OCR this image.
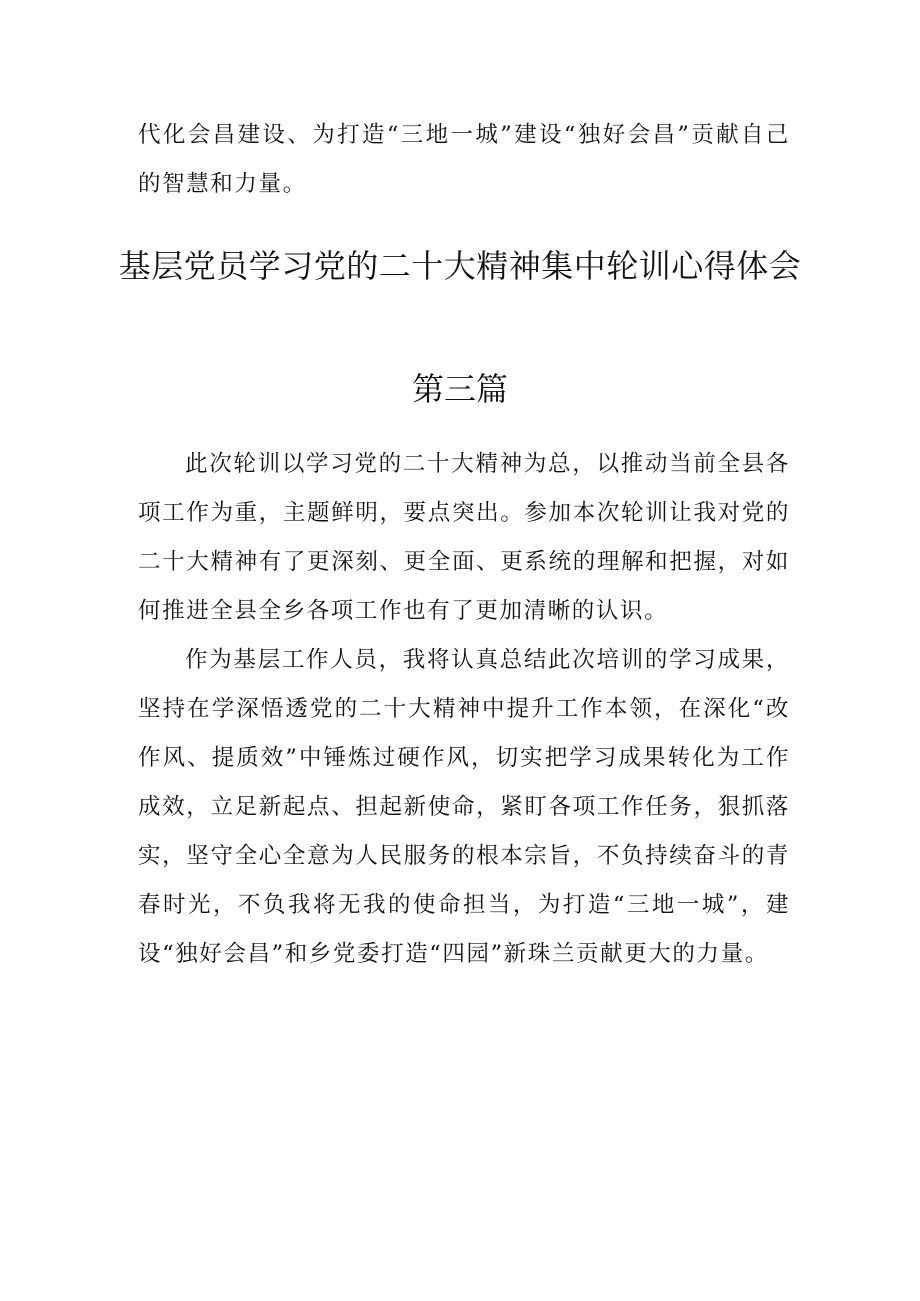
代化会昌建设、为打造“三地一城”建设“独好会昌”贡献自己的智慧和力量。

基层党员学习党的二十大精神集中轮训心得体会
第三篇

此次轮训以学习党的二十大精神为总，以推动当前全县各项工作为重，主题鲜明，要点突出。参加本次轮训让我对党的二十大精神有了更深刻、更全面、更系统的理解和把握，对如何推进全县全乡各项工作也有了更加清晰的认识。

作为基层工作人员，我将认真总结此次培训的学习成果，坚持在学深悟透党的二十大精神中提升工作本领，在深化“改作风、提质效”中锤炼过硬作风，切实把学习成果转化为工作成效，立足新起点、担起新使命，紧盯各项工作任务，狠抓落实，坚守全心全意为人民服务的根本宗旨，不负持续奋斗的青春时光，不负我将无我的使命担当，为打造“三地一城”，建设“独好会昌”和乡党委打造“四园”新珠兰贡献更大的力量。
